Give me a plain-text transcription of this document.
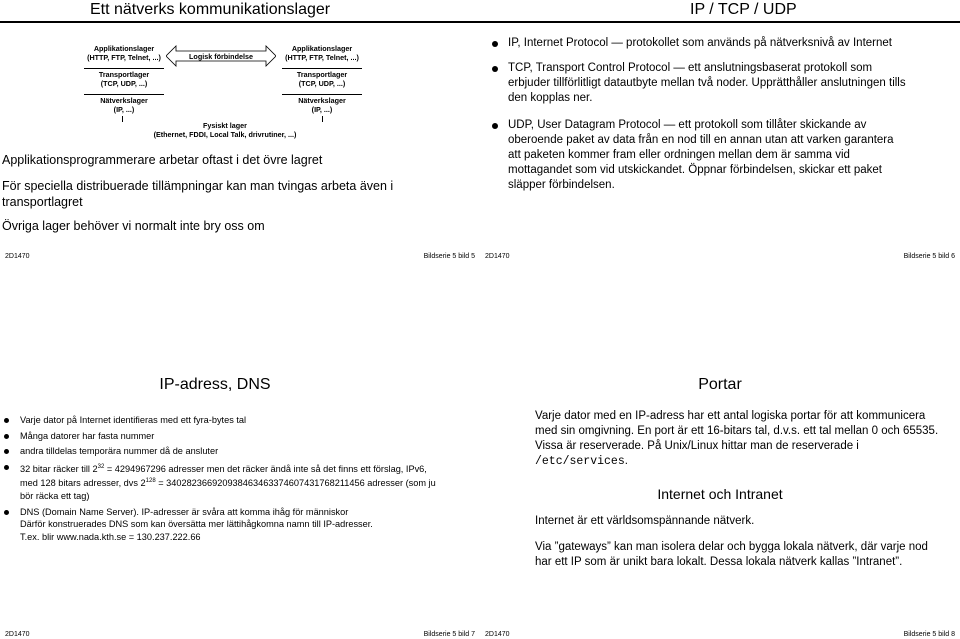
Ett nätverks kommunikationslager
Applikationslager
(HTTP, FTP, Telnet, ...)
Transportlager
(TCP, UDP, ...)
Nätverkslager
(IP, ...)
Applikationslager
(HTTP, FTP, Telnet, ...)
Transportlager
(TCP, UDP, ...)
Nätverkslager
(IP, ...)
Logisk förbindelse
Fysiskt lager
(Ethernet, FDDI, Local Talk, drivrutiner, ...)
Applikationsprogrammerare arbetar oftast i det övre lagret
För speciella distribuerade tillämpningar kan man tvingas arbeta även i transportlagret
Övriga lager behöver vi normalt inte bry oss om
2D1470	Bildserie 5 bild 5
IP / TCP / UDP
IP, Internet Protocol — protokollet som används på nätverksnivå av Internet
TCP, Transport Control Protocol — ett anslutningsbaserat protokoll som erbjuder tillförlitligt datautbyte mellan två noder. Upprätthåller anslutningen tills den kopplas ner.
UDP, User Datagram Protocol — ett protokoll som tillåter skickande av oberoende paket av data från en nod till en annan utan att varken garantera att paketen kommer fram eller ordningen mellan dem är samma vid mottagandet som vid utskickandet. Öppnar förbindelsen, skickar ett paket släpper förbindelsen.
2D1470	Bildserie 5 bild 6
IP-adress, DNS
Varje dator på Internet identifieras med ett fyra-bytes tal
Många datorer har fasta nummer
andra tilldelas temporära nummer då de ansluter
32 bitar räcker till $2^{32} = 4294967296$ adresser men det räcker ändå inte så det finns ett förslag, IPv6, med 128 bitars adresser, dvs $2^{128} = 340282366920938463463374607431768211456$ adresser (som ju bör räcka ett tag)
DNS (Domain Name Server). IP-adresser är svåra att komma ihåg för människor
Därför konstruerades DNS som kan översätta mer lättihågkomna namn till IP-adresser.
T.ex. blir www.nada.kth.se = 130.237.222.66
2D1470	Bildserie 5 bild 7
Portar

Varje dator med en IP-adress har ett antal logiska portar för att kommunicera med sin omgivning. En port är ett 16-bitars tal, d.v.s. ett tal mellan 0 och 65535. Vissa är reserverade. På Unix/Linux hittar man de reserverade i /etc/services.

Internet och Intranet

Internet är ett världsomspännande nätverk.

Via ”gateways” kan man isolera delar och bygga lokala nätverk, där varje nod har ett IP som är unikt bara lokalt. Dessa lokala nätverk kallas ”Intranet”.

2D1470	Bildserie 5 bild 8
